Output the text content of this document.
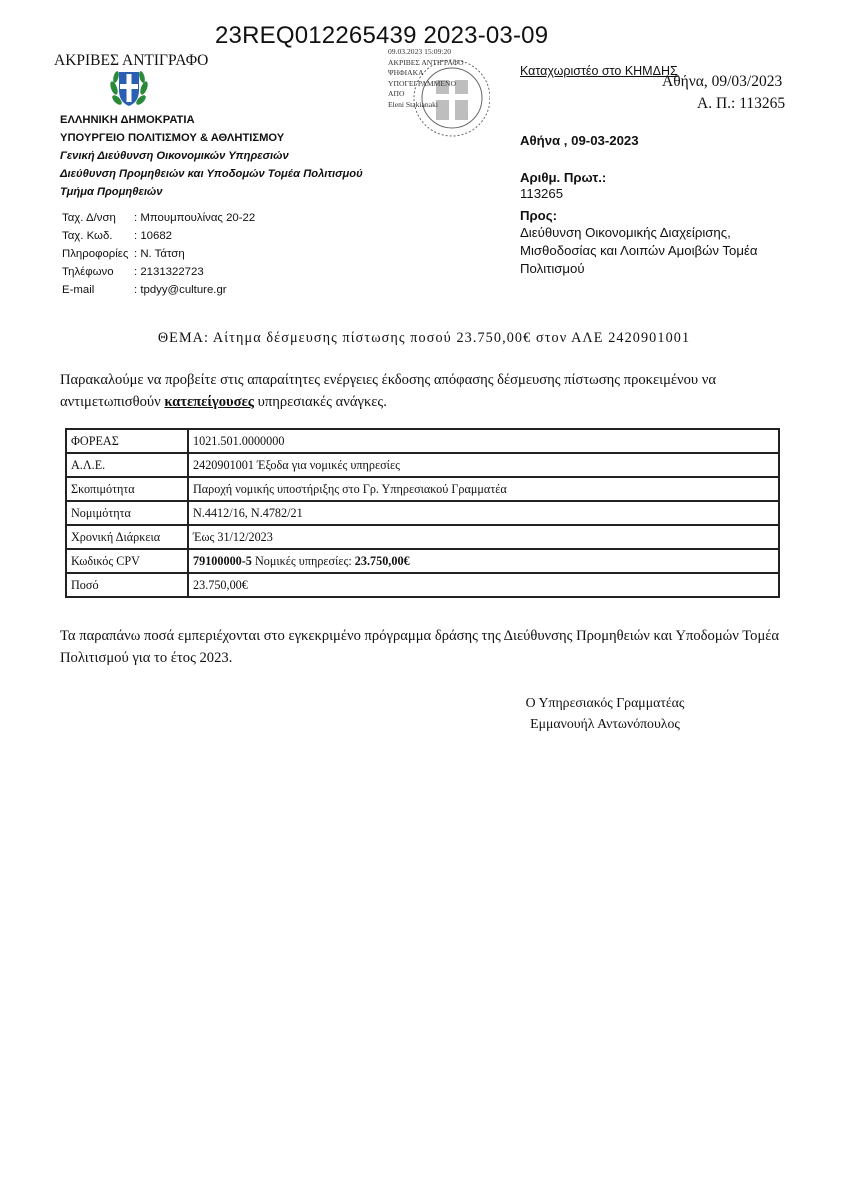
23REQ012265439 2023-03-09
ΑΚΡΙΒΕΣ ΑΝΤΙΓΡΑΦΟ
ΕΛΛΗΝΙΚΗ ΔΗΜΟΚΡΑΤΙΑ
ΥΠΟΥΡΓΕΙΟ ΠΟΛΙΤΙΣΜΟΥ & ΑΘΛΗΤΙΣΜΟΥ
Γενική Διεύθυνση Οικονομικών Υπηρεσιών
Διεύθυνση Προμηθειών και Υποδομών Τομέα Πολιτισμού
Τμήμα Προμηθειών
Ταχ. Δ/νση	: Μπουμπουλίνας 20-22
Ταχ. Κωδ.	: 10682
Πληροφορίες : Ν. Τάτση
Τηλέφωνο	: 2131322723
E-mail	: tpdyy@culture.gr
09.03.2023 15:09:20
ΑΚΡΙΒΕΣ ΑΝΤΙΓΡΑΦΟ
ΨΗΦΙΑΚΑ
ΥΠΟΓΕΓΡΑΜΜΕΝΟ
ΑΠΟ
Eleni Stakianaki
Καταχωριστέο στο ΚΗΜΔΗΣ
Αθήνα, 09/03/2023
Α. Π.: 113265
Αθήνα , 09-03-2023
Αριθμ. Πρωτ.:
113265
Προς:
Διεύθυνση Οικονομικής Διαχείρισης, Μισθοδοσίας και Λοιπών Αμοιβών Τομέα Πολιτισμού
ΘΕΜΑ: Αίτημα δέσμευσης πίστωσης ποσού 23.750,00€ στον ΑΛΕ 2420901001
Παρακαλούμε να προβείτε στις απαραίτητες ενέργειες έκδοσης απόφασης δέσμευσης πίστωσης προκειμένου να αντιμετωπισθούν κατεπείγουσες υπηρεσιακές ανάγκες.
ΦΟΡΕΑΣ	1021.501.0000000
Α.Λ.Ε.	2420901001 Έξοδα για νομικές υπηρεσίες
Σκοπιμότητα	Παροχή νομικής υποστήριξης στο Γρ. Υπηρεσιακού Γραμματέα
Νομιμότητα	Ν.4412/16, Ν.4782/21
Χρονική Διάρκεια	Έως 31/12/2023
Κωδικός CPV	79100000-5 Νομικές υπηρεσίες: 23.750,00€
Ποσό	23.750,00€
Τα παραπάνω ποσά εμπεριέχονται στο εγκεκριμένο πρόγραμμα δράσης της Διεύθυνσης Προμηθειών και Υποδομών Τομέα Πολιτισμού για το έτος 2023.
Ο Υπηρεσιακός Γραμματέας
Εμμανουήλ Αντωνόπουλος
